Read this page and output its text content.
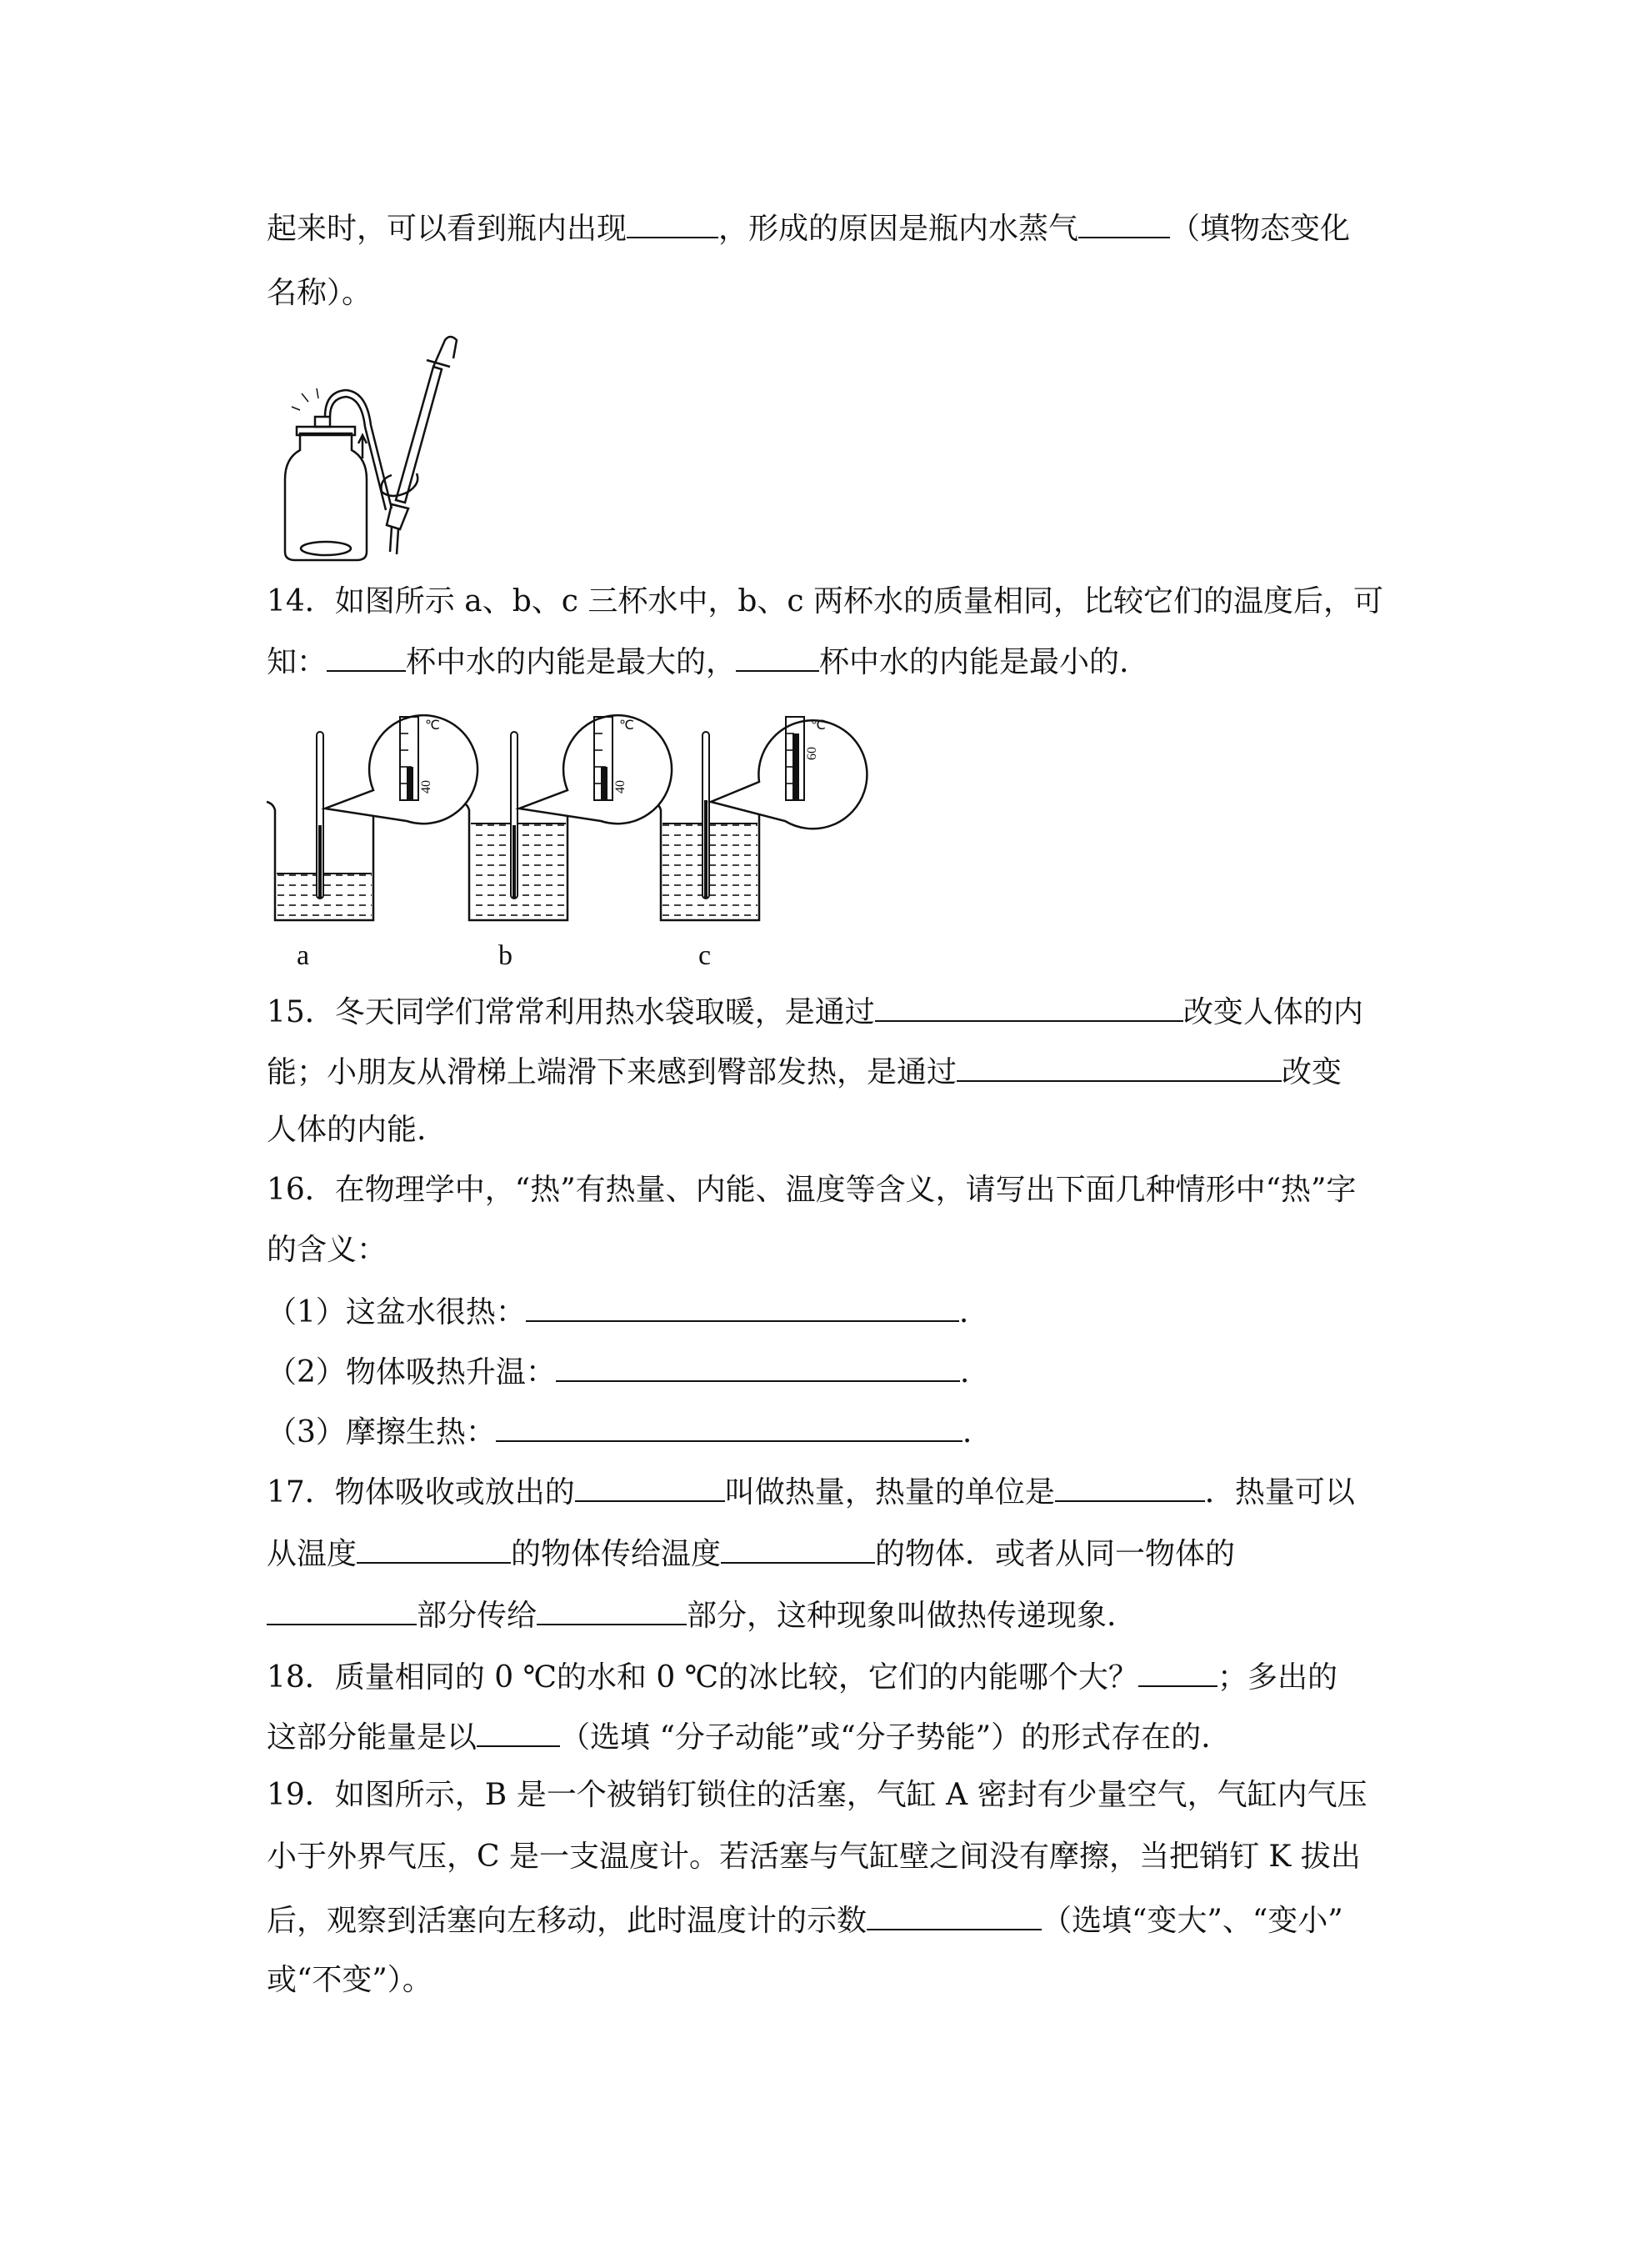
起来时，可以看到瓶内出现	，形成的原因是瓶内水蒸气	（填物态变化
名称）。
14．如图所示 a、b、c 三杯水中，b、c 两杯水的质量相同，比较它们的温度后，可
知：	杯中水的内能是最大的，	杯中水的内能是最小的.
40	40
60
℃	℃	℃
a	b	c
15．冬天同学们常常利用热水袋取暖，是通过	改变人体的内
能；小朋友从滑梯上端滑下来感到臀部发热，是通过	改变
人体的内能.
16．在物理学中，“热”有热量、内能、温度等含义，请写出下面几种情形中“热”字
的含义：
（1）这盆水很热：	.
（2）物体吸热升温：	.
（3）摩擦生热：	.
17．物体吸收或放出的	叫做热量，热量的单位是	．热量可以
从温度	的物体传给温度	的物体．或者从同一物体的
部分传给	部分，这种现象叫做热传递现象.
18．质量相同的 0 ℃的水和 0 ℃的冰比较，它们的内能哪个大？	；多出的
这部分能量是以	（选填 “分子动能”或“分子势能”）的形式存在的.
19．如图所示，B 是一个被销钉锁住的活塞，气缸 A 密封有少量空气，气缸内气压
小于外界气压，C 是一支温度计。若活塞与气缸壁之间没有摩擦，当把销钉 K 拔出
后，观察到活塞向左移动，此时温度计的示数	（选填“变大”、“变小”
或“不变”）。
